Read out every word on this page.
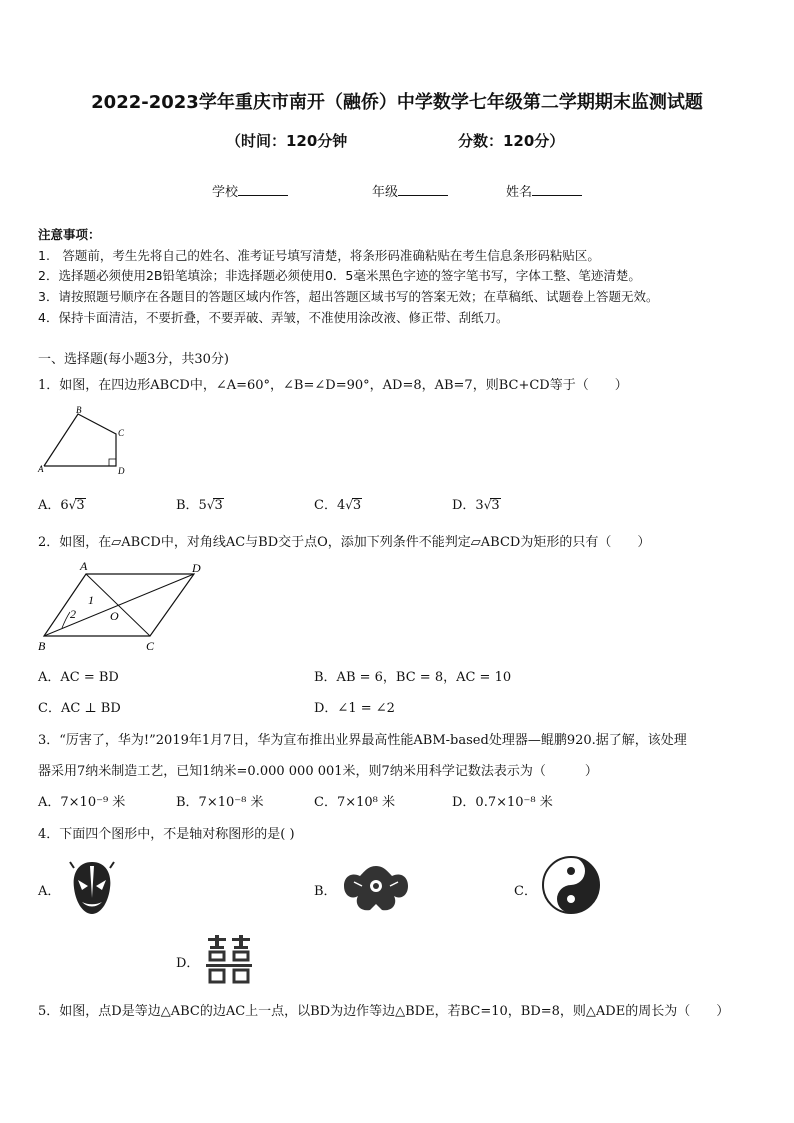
2022-2023学年重庆市南开（融侨）中学数学七年级第二学期期末监测试题
（时间：120分钟	分数：120分）
学校	年级	姓名
注意事项：
1.　答题前，考生先将自己的姓名、准考证号填写清楚，将条形码准确粘贴在考生信息条形码粘贴区。
2．选择题必须使用2B铅笔填涂；非选择题必须使用0．5毫米黑色字迹的签字笔书写，字体工整、笔迹清楚。
3．请按照题号顺序在各题目的答题区域内作答，超出答题区域书写的答案无效；在草稿纸、试题卷上答题无效。
4．保持卡面清洁，不要折叠，不要弄破、弄皱，不准使用涂改液、修正带、刮纸刀。
一、选择题(每小题3分，共30分)
1．如图，在四边形ABCD中，∠A=60°，∠B=∠D=90°，AD=8，AB=7，则BC+CD等于（　　）
B
C
A	D
A．6√3	B．5√3	C．4√3	D．3√3
2．如图，在▱ABCD中，对角线AC与BD交于点O，添加下列条件不能判定▱ABCD为矩形的只有（　　）
A	D
B	C
O
1
2
A．AC = BD	B．AB = 6，BC = 8，AC = 10
C．AC ⊥ BD	D．∠1 = ∠2
3．“厉害了，华为!”2019年1月7日，华为宣布推出业界最高性能ABM-based处理器—鲲鹏920.据了解，该处理
器采用7纳米制造工艺，已知1纳米=0.000 000 001米，则7纳米用科学记数法表示为（　　　）
A．7×10⁻⁹ 米	B．7×10⁻⁸ 米	C．7×10⁸ 米	D．0.7×10⁻⁸ 米
4．下面四个图形中，不是轴对称图形的是( )
A．	B．	C．
D．
5．如图，点D是等边△ABC的边AC上一点，以BD为边作等边△BDE，若BC=10，BD=8，则△ADE的周长为（　　）
